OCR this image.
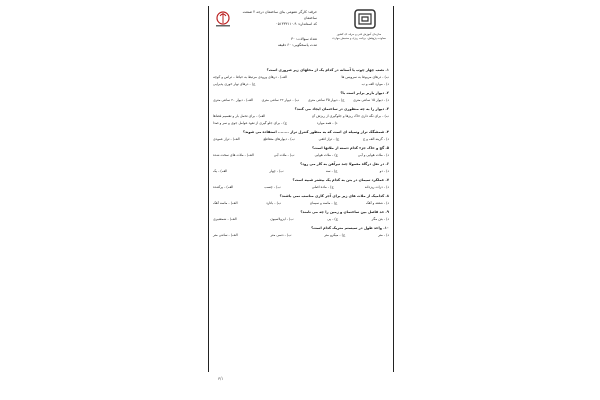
حرفه: کارگر عمومی بنای ساختمان درجه ۲ صنعت ساختمان
کد استاندارد: ۹-۰۵۱۳۳۳۱۱۰
تعداد سوالات: ۳۰
مدت پاسخگویی: ۶۰ دقیقه
سازمان آموزش فنی و حرفه ای کشور
معاونت پژوهش، برنامه ریزی و سنجش مهارت
۱. نصب چهار چوب یا آستانه در کدام یک از محلهای زیر ضروری است؟
الف) - درهای ورودی مرتبط به حیاط – تراس و کوچه	ب) - درهای مربوط به سرویس ها
ج) - درهای نهار خوری پذیرایی	د) - موارد الف و ب
۲. دیوار باربر برابر است با؟
الف) - دیوار ۲۰ سانتی متری	ب) - دیوار ۲۲ سانتی متری	ج) - دیوار ۳۵ سانتی متری	د) - دیوار ۱۵ سانتی متری
۳. دیوار را به چه منظوری در ساختمان ایجاد می کنند؟
الف) - برای تحمل بار و تقسیم فضاها	ب) - برای نگه داری خاک ریزها و جلوگیری از ریزش آن
ج) - برای جلو گیری از نفوذ عوامل جوی و سر و صدا	د) - همه موارد
۴. شمشگک تراز وسیله ای است که به منظور کنترل تراز ........ استفاده می شوند؟
الف) - تراز عمودی	ب) - دیوارهای متقاطع	ج) - تراز افقی	د) - گزینه الف و ج
۵. گچ و خاک جزء کدام دسته از ملاتها است؟
الف) - ملات های سخت شده	ب) - ملات آبی	ج) - ملات هوایی	د) - ملات هوایی و آبی
۶. در نعل درگاه معمولا چند تیرآهن به کار می رود؟
الف) - یک	ب) - چهار	ج) - سه	د) - دو
۷. عملکرد سیمان در بتن به کدام یک بیشتر شبیه است؟
الف) - پرکننده	ب) - چسب	ج) - ماده اصلی	د) - ذرات ریزدانه
۸. کدامیک از ملات های زیر برای آجر کاری مناسب نمی باشند؟
الف) - ماسه آهک	ب) - باتارد	ج) - ماسه و سیمان	د) - شفته و آهک
۹. حد فاصل بین ساختمان و زمین را چه می نامند؟
الف) - شمشیری	ب) - ایزولاسیون	ج) - پی	د) - بتن مگر
۱۰. واحد طول در سیستم متریک کدام است؟
الف) - سانتی متر	ب) - دسی متر	ج) - میکرو متر	د) - متر
۳/۱
